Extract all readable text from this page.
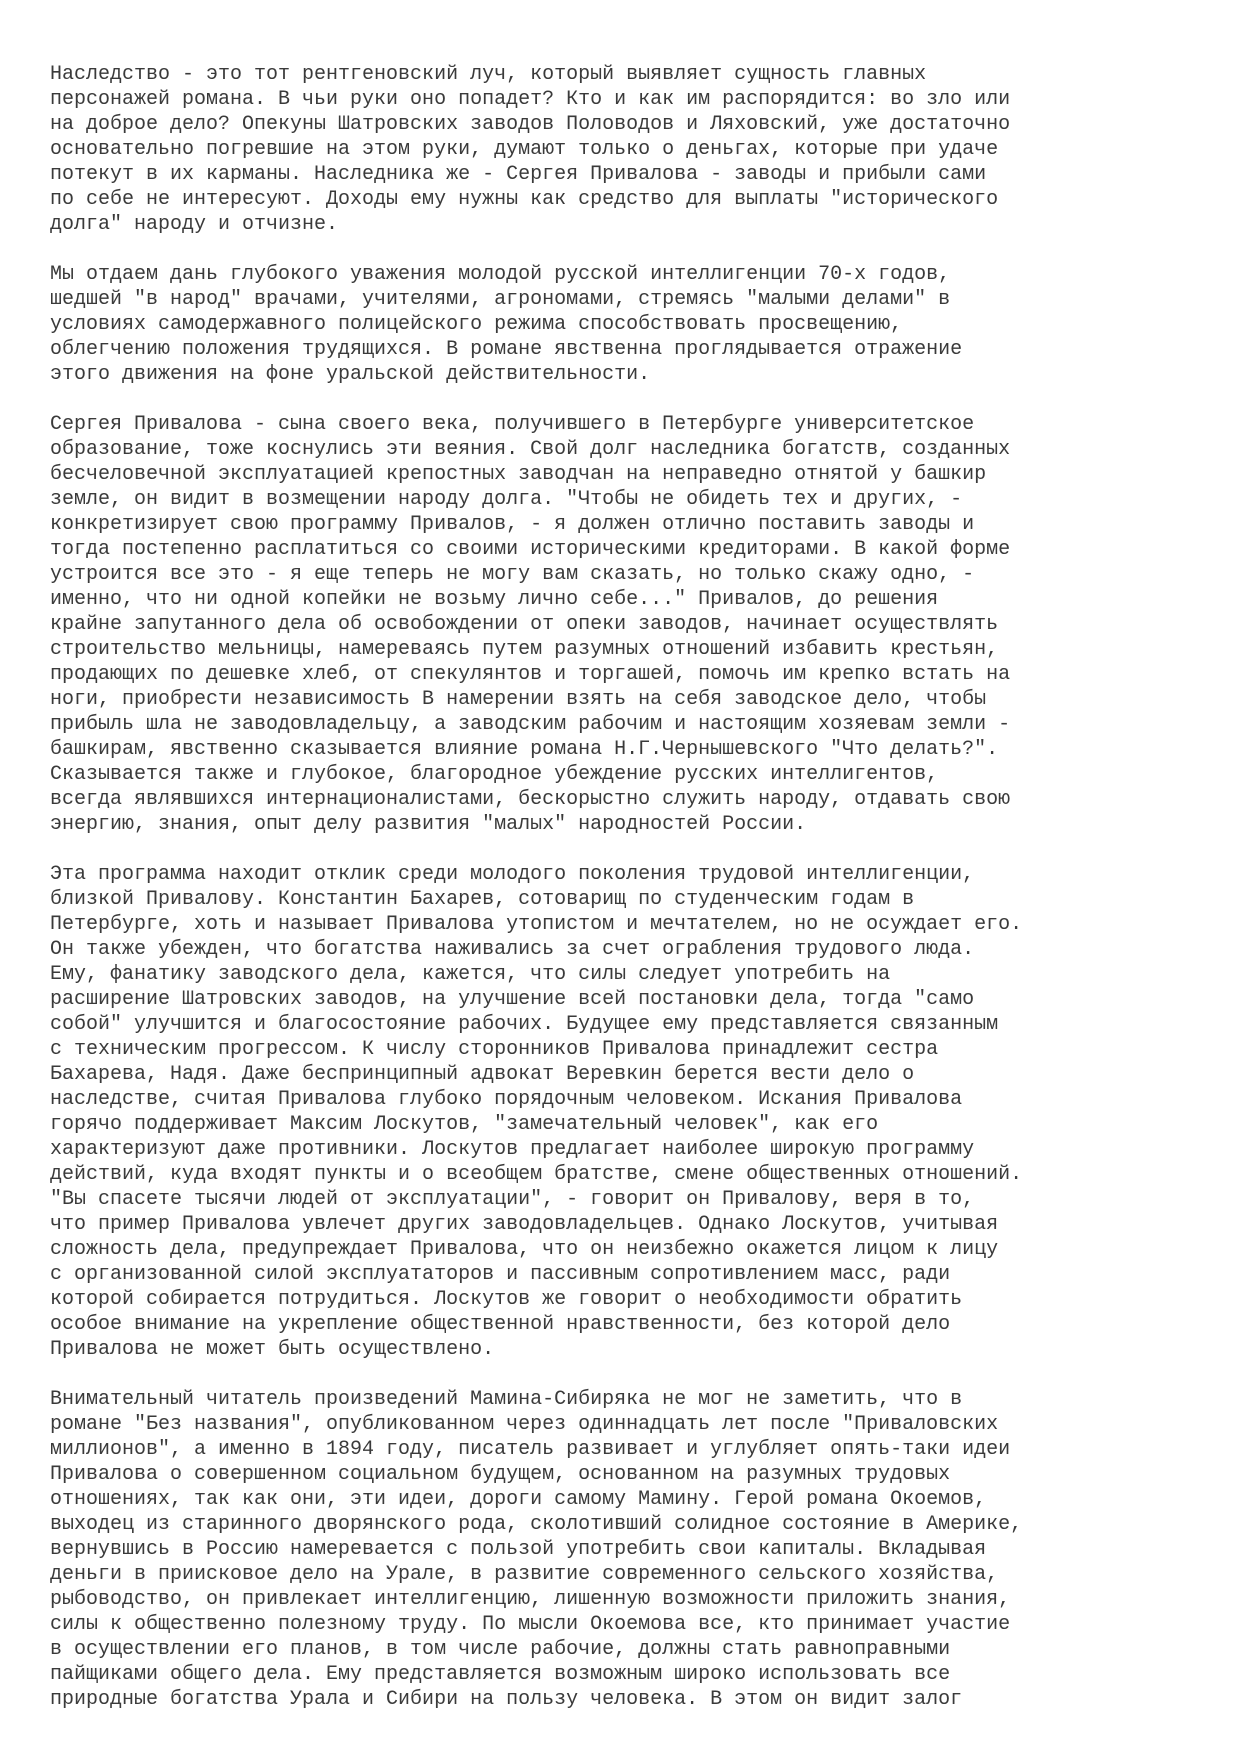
Наследство - это тот рентгеновский луч, который выявляет сущность главных
персонажей романа. В чьи руки оно попадет? Кто и как им распорядится: во зло или
на доброе дело? Опекуны Шатровских заводов Половодов и Ляховский, уже достаточно
основательно погревшие на этом руки, думают только о деньгах, которые при удаче
потекут в их карманы. Наследника же - Сергея Привалова - заводы и прибыли сами
по себе не интересуют. Доходы ему нужны как средство для выплаты "исторического
долга" народу и отчизне.
Мы отдаем дань глубокого уважения молодой русской интеллигенции 70-х годов,
шедшей "в народ" врачами, учителями, агрономами, стремясь "малыми делами" в
условиях самодержавного полицейского режима способствовать просвещению,
облегчению положения трудящихся. В романе явственна проглядывается отражение
этого движения на фоне уральской действительности.
Сергея Привалова - сына своего века, получившего в Петербурге университетское
образование, тоже коснулись эти веяния. Свой долг наследника богатств, созданных
бесчеловечной эксплуатацией крепостных заводчан на неправедно отнятой у башкир
земле, он видит в возмещении народу долга. "Чтобы не обидеть тех и других, -
конкретизирует свою программу Привалов, - я должен отлично поставить заводы и
тогда постепенно расплатиться со своими историческими кредиторами. В какой форме
устроится все это - я еще теперь не могу вам сказать, но только скажу одно, -
именно, что ни одной копейки не возьму лично себе..." Привалов, до решения
крайне запутанного дела об освобождении от опеки заводов, начинает осуществлять
строительство мельницы, намереваясь путем разумных отношений избавить крестьян,
продающих по дешевке хлеб, от спекулянтов и торгашей, помочь им крепко встать на
ноги, приобрести независимость В намерении взять на себя заводское дело, чтобы
прибыль шла не заводовладельцу, а заводским рабочим и настоящим хозяевам земли -
башкирам, явственно сказывается влияние романа Н.Г.Чернышевского "Что делать?".
Сказывается также и глубокое, благородное убеждение русских интеллигентов,
всегда являвшихся интернационалистами, бескорыстно служить народу, отдавать свою
энергию, знания, опыт делу развития "малых" народностей России.
Эта программа находит отклик среди молодого поколения трудовой интеллигенции,
близкой Привалову. Константин Бахарев, сотоварищ по студенческим годам в
Петербурге, хоть и называет Привалова утопистом и мечтателем, но не осуждает его.
Он также убежден, что богатства наживались за счет ограбления трудового люда.
Ему, фанатику заводского дела, кажется, что силы следует употребить на
расширение Шатровских заводов, на улучшение всей постановки дела, тогда "само
собой" улучшится и благосостояние рабочих. Будущее ему представляется связанным
с техническим прогрессом. К числу сторонников Привалова принадлежит сестра
Бахарева, Надя. Даже беспринципный адвокат Веревкин берется вести дело о
наследстве, считая Привалова глубоко порядочным человеком. Искания Привалова
горячо поддерживает Максим Лоскутов, "замечательный человек", как его
характеризуют даже противники. Лоскутов предлагает наиболее широкую программу
действий, куда входят пункты и о всеобщем братстве, смене общественных отношений.
"Вы спасете тысячи людей от эксплуатации", - говорит он Привалову, веря в то,
что пример Привалова увлечет других заводовладельцев. Однако Лоскутов, учитывая
сложность дела, предупреждает Привалова, что он неизбежно окажется лицом к лицу
с организованной силой эксплуататоров и пассивным сопротивлением масс, ради
которой собирается потрудиться. Лоскутов же говорит о необходимости обратить
особое внимание на укрепление общественной нравственности, без которой дело
Привалова не может быть осуществлено.
Внимательный читатель произведений Мамина-Сибиряка не мог не заметить, что в
романе "Без названия", опубликованном через одиннадцать лет после "Приваловских
миллионов", а именно в 1894 году, писатель развивает и углубляет опять-таки идеи
Привалова о совершенном социальном будущем, основанном на разумных трудовых
отношениях, так как они, эти идеи, дороги самому Мамину. Герой романа Окоемов,
выходец из старинного дворянского рода, сколотивший солидное состояние в Америке,
вернувшись в Россию намеревается с пользой употребить свои капиталы. Вкладывая
деньги в приисковое дело на Урале, в развитие современного сельского хозяйства,
рыбоводство, он привлекает интеллигенцию, лишенную возможности приложить знания,
силы к общественно полезному труду. По мысли Окоемова все, кто принимает участие
в осуществлении его планов, в том числе рабочие, должны стать равноправными
пайщиками общего дела. Ему представляется возможным широко использовать все
природные богатства Урала и Сибири на пользу человека. В этом он видит залог
